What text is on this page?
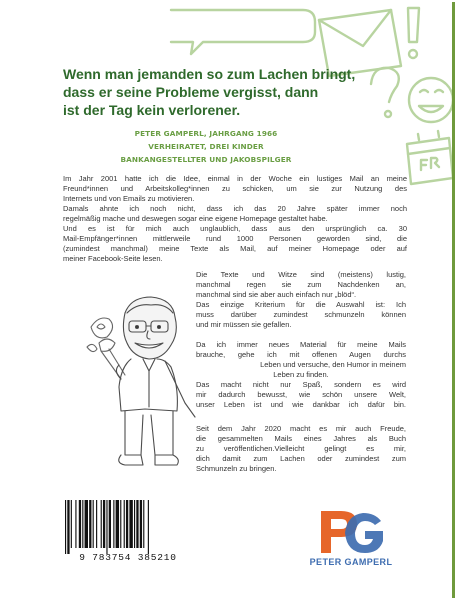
Wenn man jemanden so zum Lachen bringt,
dass er seine Probleme vergisst, dann
ist der Tag kein verlorener.

PETER GAMPERL, JAHRGANG 1966
VERHEIRATET, DREI KINDER
BANKANGESTELLTER UND JAKOBSPILGER
Im Jahr 2001 hatte ich die Idee, einmal in der Woche ein lustiges Mail an meine
Freund*innen und Arbeitskolleg*innen zu schicken, um sie zur Nutzung des
Internets und von Emails zu motivieren.
Damals ahnte ich noch nicht, dass ich das 20 Jahre später immer noch
regelmäßig mache und deswegen sogar eine eigene Homepage gestaltet habe.
Und es ist für mich auch unglaublich, dass aus den ursprünglich ca. 30
Mail-Empfänger*innen mittlerweile rund 1000 Personen geworden sind, die
(zumindest manchmal) meine Texte als Mail, auf meiner Homepage oder auf
meiner Facebook-Seite lesen.
Die Texte und Witze sind (meistens) lustig,
manchmal regen sie zum Nachdenken an,
manchmal sind sie aber auch einfach nur „blöd“.
Das einzige Kriterium für die Auswahl ist: Ich
muss darüber zumindest schmunzeln können
und mir müssen sie gefallen.
Da ich immer neues Material für meine Mails
brauche, gehe ich mit offenen Augen durchs
Leben und versuche, den Humor in meinem
Leben zu finden.
Das macht nicht nur Spaß, sondern es wird
mir dadurch bewusst, wie schön unsere Welt,
unser Leben ist und wie dankbar ich dafür bin.
Seit dem Jahr 2020 macht es mir auch Freude,
die gesammelten Mails eines Jahres als Buch
zu veröffentlichen.Vielleicht gelingt es mir,
dich damit zum Lachen oder zumindest zum
Schmunzeln zu bringen.
9 783754 385210	PETER GAMPERL
